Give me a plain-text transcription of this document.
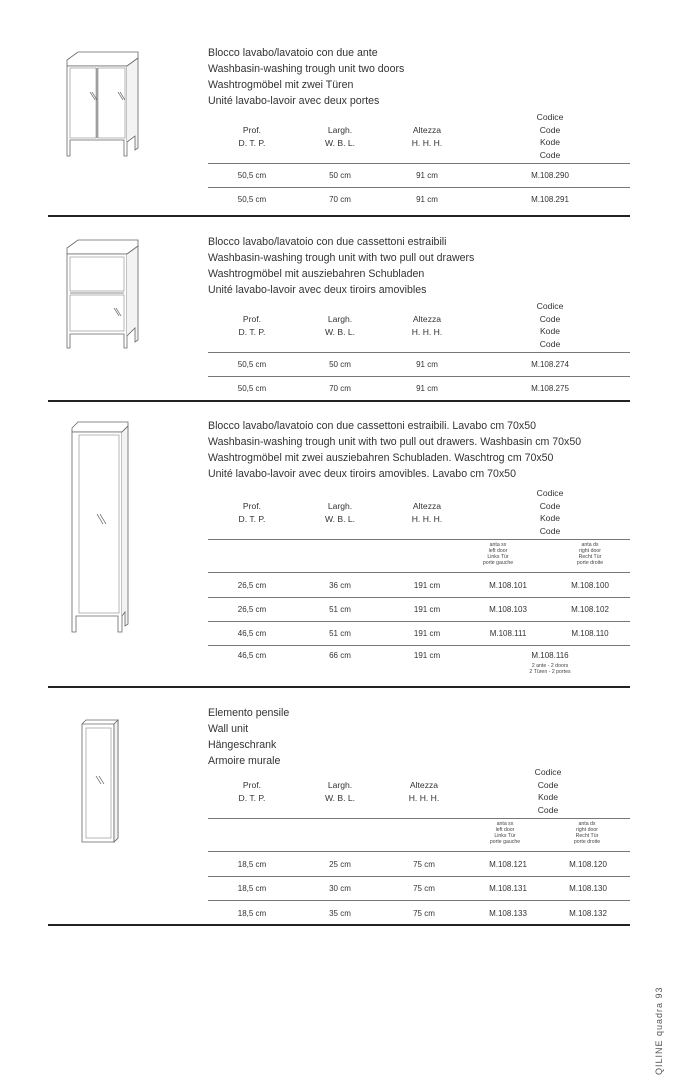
Blocco lavabo/lavatoio con due ante
Washbasin-washing trough unit two doors
Washtrogmöbel mit zwei Türen
Unité lavabo-lavoir avec deux portes
Prof.
D. T. P.
Largh.
W. B. L.
Altezza
H. H. H.
Codice
Code
Kode
Code
50,5 cm	50 cm	91 cm	M.108.290
50,5 cm	70 cm	91 cm	M.108.291
Blocco lavabo/lavatoio con due cassettoni estraibili
Washbasin-washing trough unit with two pull out drawers
Washtrogmöbel mit ausziebahren Schubladen
Unité lavabo-lavoir avec deux tiroirs amovibles
Prof.
D. T. P.
Largh.
W. B. L.
Altezza
H. H. H.
Codice
Code
Kode
Code
50,5 cm	50 cm	91 cm	M.108.274
50,5 cm	70 cm	91 cm	M.108.275
Blocco lavabo/lavatoio con due cassettoni estraibili. Lavabo cm 70x50
Washbasin-washing trough unit with two pull out drawers. Washbasin cm 70x50
Washtrogmöbel mit zwei ausziebahren Schubladen. Waschtrog cm 70x50
Unité lavabo-lavoir avec deux tiroirs amovibles. Lavabo cm 70x50
Prof.
D. T. P.
Largh.
W. B. L.
Altezza
H. H. H.
Codice
Code
Kode
Code
anta sx
left door
Links Tür
porte gauche
anta dx
right door
Recht Tür
porte droite
26,5 cm	36 cm	191 cm	M.108.101	M.108.100
26,5 cm	51 cm	191 cm	M.108.103	M.108.102
46,5 cm	51 cm	191 cm	M.108.111	M.108.110
46,5 cm	66 cm	191 cm	M.108.116
2 ante - 2 doors
2 Türen - 2 portes
Elemento pensile
Wall unit
Hängeschrank
Armoire murale
Prof.
D. T. P.
Largh.
W. B. L.
Altezza
H. H. H.
Codice
Code
Kode
Code
anta sx
left door
Links Tür
porte gauche
anta dx
right door
Recht Tür
porte droite
18,5 cm	25 cm	75 cm	M.108.121	M.108.120
18,5 cm	30 cm	75 cm	M.108.131	M.108.130
18,5 cm	35 cm	75 cm	M.108.133	M.108.132
QILINE quadra 93
